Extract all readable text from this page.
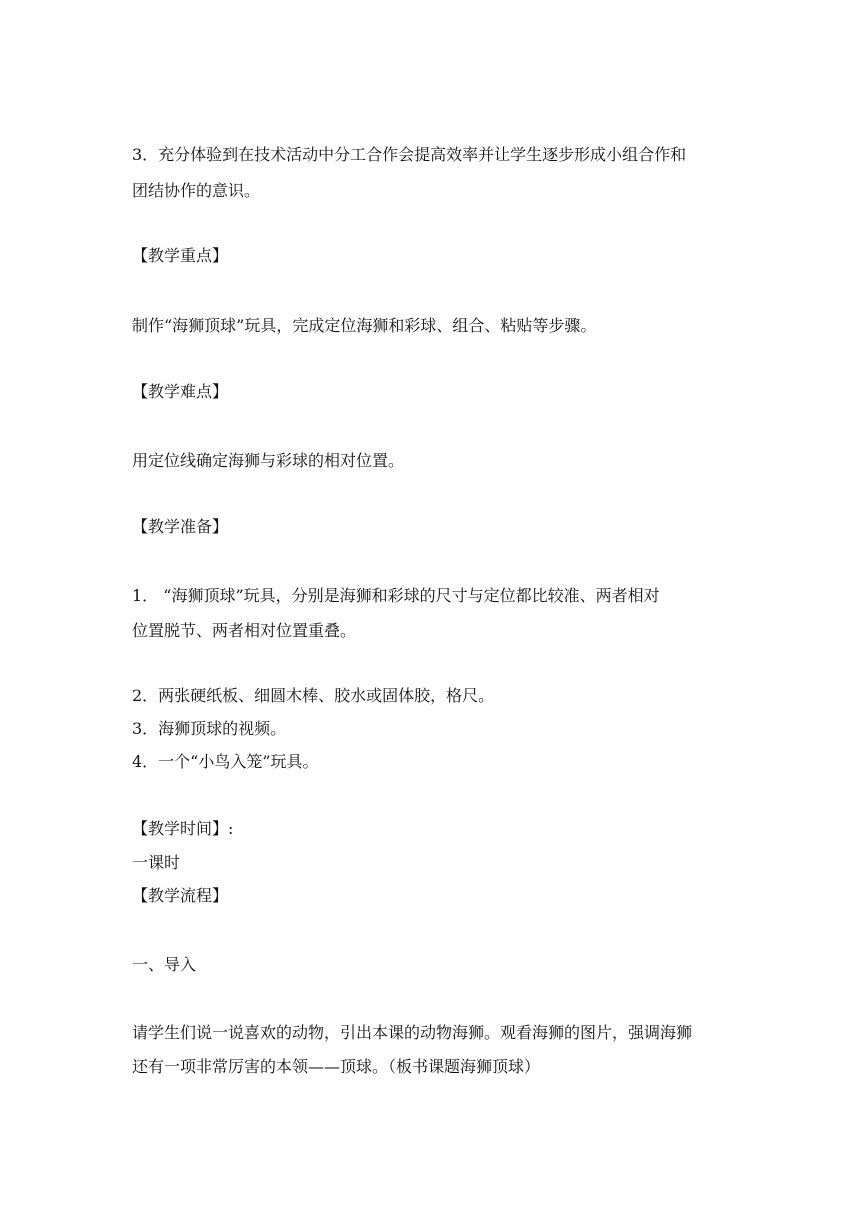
3．充分体验到在技术活动中分工合作会提高效率并让学生逐步形成小组合作和
团结协作的意识。
【教学重点】
制作“海狮顶球”玩具，完成定位海狮和彩球、组合、粘贴等步骤。
【教学难点】
用定位线确定海狮与彩球的相对位置。
【教学准备】
1． “海狮顶球”玩具，分别是海狮和彩球的尺寸与定位都比较准、两者相对
位置脱节、两者相对位置重叠。
2．两张硬纸板、细圆木棒、胶水或固体胶，格尺。
3．海狮顶球的视频。
4．一个“小鸟入笼”玩具。
【教学时间】:
一课时
【教学流程】
一、导入
请学生们说一说喜欢的动物，引出本课的动物海狮。观看海狮的图片，强调海狮
还有一项非常厉害的本领——顶球。（板书课题海狮顶球）
